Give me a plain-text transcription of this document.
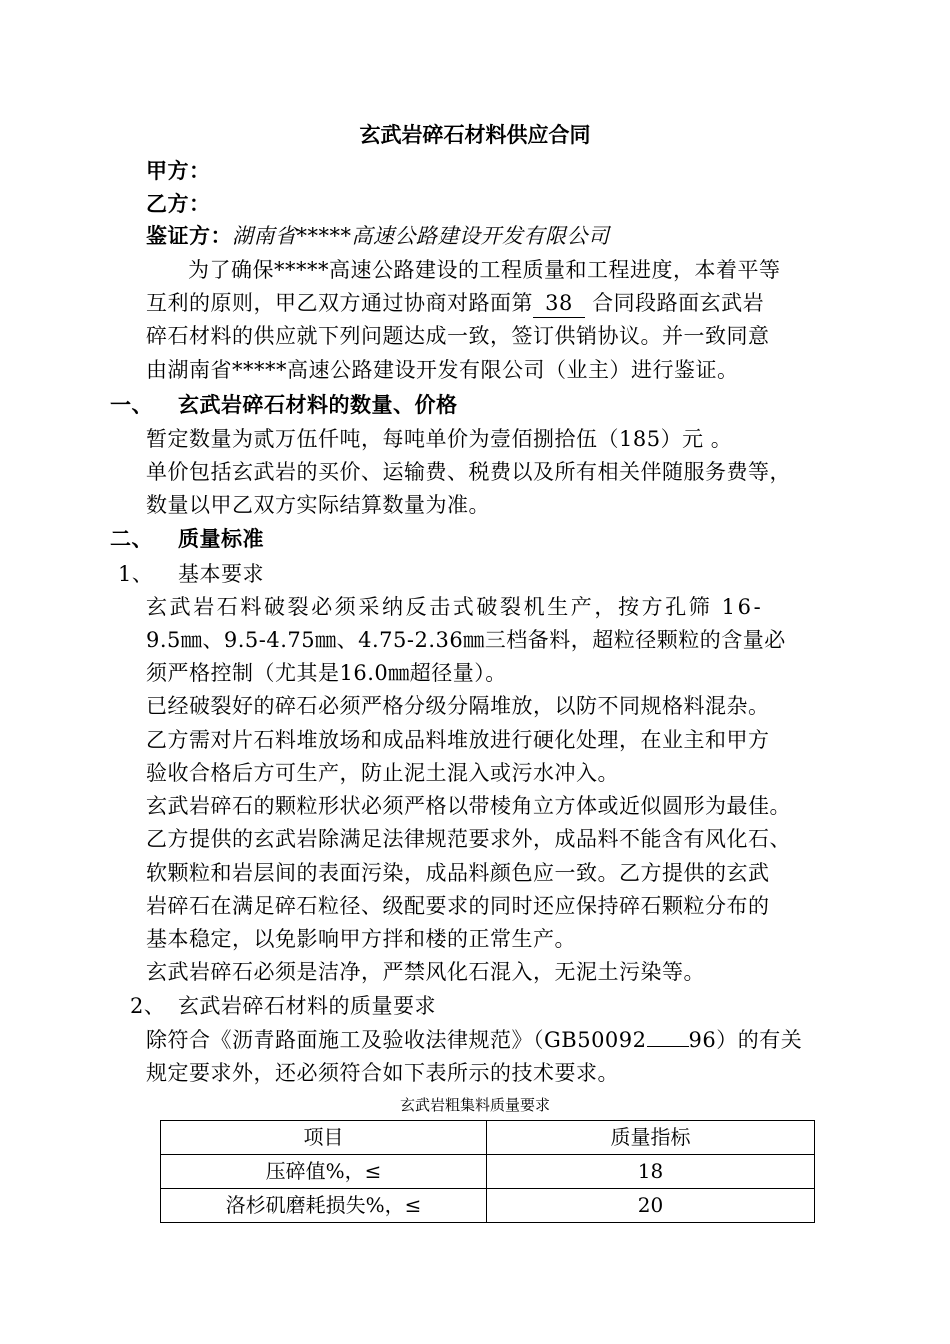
玄武岩碎石材料供应合同
甲方：
乙方：
鉴证方：湖南省*****高速公路建设开发有限公司
为了确保*****高速公路建设的工程质量和工程进度，本着平等
互利的原则，甲乙双方通过协商对路面第38 合同段路面玄武岩
碎石材料的供应就下列问题达成一致，签订供销协议。并一致同意
由湖南省*****高速公路建设开发有限公司（业主）进行鉴证。
一、 玄武岩碎石材料的数量、价格
暂定数量为贰万伍仟吨，每吨单价为壹佰捌拾伍（185）元 。
单价包括玄武岩的买价、运输费、税费以及所有相关伴随服务费等，
数量以甲乙双方实际结算数量为准。
二、 质量标准
1、 基本要求
玄武岩石料破裂必须采纳反击式破裂机生产，按方孔筛 16-
9.5㎜、9.5-4.75㎜、4.75-2.36㎜三档备料，超粒径颗粒的含量必
须严格控制（尤其是16.0㎜超径量）。
已经破裂好的碎石必须严格分级分隔堆放，以防不同规格料混杂。
乙方需对片石料堆放场和成品料堆放进行硬化处理，在业主和甲方
验收合格后方可生产，防止泥土混入或污水冲入。
玄武岩碎石的颗粒形状必须严格以带棱角立方体或近似圆形为最佳。
乙方提供的玄武岩除满足法律规范要求外，成品料不能含有风化石、
软颗粒和岩层间的表面污染，成品料颜色应一致。乙方提供的玄武
岩碎石在满足碎石粒径、级配要求的同时还应保持碎石颗粒分布的
基本稳定，以免影响甲方拌和楼的正常生产。
玄武岩碎石必须是洁净，严禁风化石混入，无泥土污染等。
2、 玄武岩碎石材料的质量要求
除符合《沥青路面施工及验收法律规范》（GB50092 96）的有关
规定要求外，还必须符合如下表所示的技术要求。
玄武岩粗集料质量要求
项目	质量指标
压碎值%，≤	18
洛杉矶磨耗损失%，≤	20
